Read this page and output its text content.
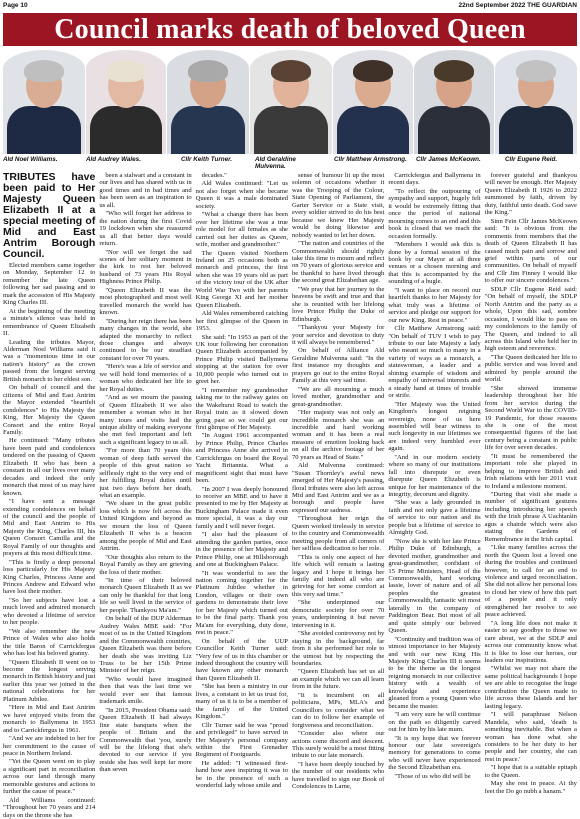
Page 10	22nd September 2022 THE GUARDIAN
Council marks death of beloved Queen
Ald Noel Williams.	Ald Audrey Wales.	Cllr Keith Turner.	Ald Geraldine Mulvenna.
Cllr Matthew Armstrong.	Cllr James McKeown.	Cllr Eugene Reid.

TRIBUTES have been paid to Her Majesty Queen Elizabeth II at a special meeting of Mid and East Antrim Borough Council.

Elected members came together on Monday, September 12 to remember the late Queen following her sad passing and to mark the accession of His Majesty King Charles III.

At the beginning of the meeting a minute's silence was held in remembrance of Queen Elizabeth II.

Leading the tributes Mayor, Alderman Noel Williams said it was a "momentous time in our nation's history" as the crown passed from the longest serving British monarch to her eldest son.

On behalf of council and the citizens of Mid and East Antrim the Mayor extended "heartfelt condolences" to His Majesty the King, Her Majesty the Queen Consort and the entire Royal Family.

He continued: "Many tributes have been paid and condolences tendered on the passing of Queen Elizabeth II who has been a constant in all our lives over many decades and indeed the only monarch that most of us may have known.

"I have sent a message extending condolences on behalf of the council and the people of Mid and East Antrim to His Majesty the King, Charles III, his Queen Consort Camilla and the Royal Family of our thoughts and prayers at this most difficult time.

"This is firstly a deep personal loss particularly for His Majesty King Charles, Princess Anne and Princes Andrew and Edward who have lost their mother.

"So her subjects have lost a much loved and admired monarch who devoted a lifetime of service to her people.

"We also remember the new Prince of Wales who also holds the title Baron of Carrickfergus who has lost his beloved granny.

"Queen Elizabeth II went on to become the longest serving monarch in British history and just earlier this year we joined in the national celebrations for her Platinum Jubilee.

"Here in Mid and East Antrim we have enjoyed visits from the monarch to Ballymena in 1953 and to Carrickfergus in 1961.

"And we are indebted to her for her commitment to the cause of peace in Northern Ireland.

"Yet the Queen went on to play a significant part in reconciliation across our land through many memorable gestures and actions to further the cause of peace."

Ald Williams continued: "Throughout her 70 years and 214 days on the throne she has

been a stalwart and a constant in our lives and has shared with us in good times and in bad times and has been seen as an inspiration to us all.

"Who will forget her address to the nation during the first Covid 19 lockdown when she reassured us all that better days would return.

"Nor will we forget the sad scenes of her solitary moment in the kirk to rest her beloved husband of 73 years His Royal Highness Prince Philip.

"Queen Elizabeth II was the most photographed and most well travelled monarch the world has known.

"During her reign there has been many changes in the world, she adapted the monarchy to reflect those changes and always continued to be our steadfast constant for over 70 years.

"Here's was a life of service and we will hold fond memories of a woman who dedicated her life to her Royal duties.

"And as we mourn the passing of Queen Elizabeth II we also remember a woman who in her many tours and visits had the unique ability of making everyone she met feel important and left such a significant legacy to us all.

"For more than 70 years this woman of deep faith served the people of this great nation so selflessly right to the very end of her fulfilling Royal duties until just two days before her death, what an example.

"We share in the great public loss which is now felt across the United Kingdom and beyond as we mourn the loss of Queen Elizabeth II who is a beacon among the people of Mid and East Antrim.

"Our thoughts also return to the Royal Family as they are grieving the loss of their mother.

"In time of their beloved monarch Queen Elizabeth II as we can only be thankful for that long life so well lived in the service of her people. Thankyou Ma'am."

On behalf of the DUP Alderman Audrey Wales MBE said: "For most of us in the United Kingdom and the Commonwealth countries, Queen Elizabeth was there before her death she was inviting Liz Truss to be her 15th Prime Minister of her reign.

"Who would have imagined then that was the last time we would ever see that famous trademark smile.

"In 2015, President Obama said: Queen Elizabeth II had always fine state banquets when the people of Britain and the Commonwealth that 'you, surely will be the lifelong that she's devoted to our service if you reside she has well kept far more than seven

decades."

Ald Wales continued: "Let us not also forget when she became Queen it was a male dominated society.

"What a change there has been over her lifetime she was a true role model for all females as she carried out her duties as Queen, wife, mother and grandmother."

The Queen visited Northern Ireland on 25 occasions both as monarch and princess, the first when she was 19 years old as part of the victory tour of the UK after World War Two with her parents King George XI and her mother Queen Elizabeth.

Ald Wales remembered catching her first glimpse of the Queen in 1953.

She said: "In 1953 as part of the UK tour following her coronation Queen Elizabeth accompanied by Prince Philip visited Ballymena stopping at the station for over 10,000 people who turned out to greet her.

"I remember my grandmother taking me to the railway gates on the Wakehurst Road to watch the Royal train as it slowed down going past so we could get our first glimpse of Her Majesty.

"In August 1961 accompanied by Prince Philip, Prince Charles and Princess Anne she arrived in Carrickfergus on board the Royal Yacht Britannia. What a magnificent sight that must have been.

"In 2007 I was deeply honoured to receive an MBE and to have it presented to me by Her Majesty at Buckingham Palace made it even more special, it was a day our family and I will never forget.

"I also had the pleasure of attending the garden parties, once in the presence of her Majesty and Prince Philip, one at Hillsborough and one at Buckingham Palace.

"It was wonderful to see the nation coming together for the Platinum Jubilee whether in London, villages or their own gardens to demonstrate their love for her Majesty which turned out to be the final party. Thank you Ma'am for everything, duty done, rest in peace."

On behalf of the UUP Councillor Keith Turner said: "Very few of us in this chamber or indeed throughout the country will have known any other monarch than Queen Elizabeth II.

"She has been a ministry in our lives, a constant to let us trust for, many of us it is to be a member of the family of the United Kingdom."

Cllr Turner said he was "proud and privileged" to have served in Her Majesty's personal company within the First Grenadier Regiment of Footguards.

He added: "I witnessed first-hand how awe inspiring it was to be in the presence of such a wonderful lady whose smile and

sense of humour lit up the most solemn of occasions whether it was the Trooping of the Colour, State Opening of Parliament, the Garter Service or a State visit, every soldier strived to do his best because we knew Her Majesty would be doing likewise and nobody wanted to let her down.

"The nation and countries of the Commonwealth should rightly take this time to mourn and reflect on 70 years of glorious service and be thankful to have lived through the second great Elizabethan age.

"We pray that her journey to the heavens be swift and true and that she is reunited with her lifelong love Prince Philip the Duke of Edinburgh.

"Thankyou your Majesty for your service and devotion to duty it will always be remembered."

On behalf of Alliance Ald Geraldine Mulvenna said: "In the first instance my thoughts and prayers go out to the entire Royal Family at this very sad time.

"We are all mourning a much loved mother, grandmother and great-grandmother.

"Her majesty was not only an incredible monarch she was an incredible and hard working woman and it has been a real measure of emotion looking back on all the archive footage of her 70 years as Head of State."

Ald Mulvenna continued: "Susan Thornley's awful news emerged of Her Majesty's passing, floral tributes were also left across Mid and East Antrim and we as a borough and people have expressed our sadness.

"Throughout her reign the Queen worked tirelessly in service to the country and Commonwealth meeting people from all corners of her selfless dedication to her role.

"This is only one aspect of her life which will remain a lasting legacy and I hope it brings her family and indeed all who are grieving for her some comfort at this very sad time."

"She underpinned our democratic society for over 70 years, underpinning it but never intervening in it.

"She avoided controversy not by staying in the background, far from it she performed her role to the utmost but by respecting the boundaries.

"Queen Elizabeth has set us all an example which we can all learn from in the future.

"It is incumbent on all politicians, MPs, MLA's and Councillors to consider what we can do to follow her example of forgiveness and reconciliation.

"Consider also where our actions come discord and descent. This surely would be a most fitting tribute to our late monarch.

"I have been deeply touched by the number of our residents who have travelled to sign our Book of Condolences in Larne,

Carrickfergus and Ballymena in recent days.

"To reflect the outpouring of sympathy and support, hugely felt it would be extremely fitting that once the period of national mourning comes to an end and this book is closed that we reach the occasion formally.

"Members I would ask this is done by a formal session of the book by our Mayor at all three venues or a chosen morning and that this is accompanied by the sounding of a bugle.

"I want to place on record our heartfelt thanks to her Majesty for what truly was a lifetime of service and pledge our support for our new King. Rest in peace."

Cllr Matthew Armstrong said: "On behalf of TUV I wish to pay tribute to our late Majesty a lady who meant so much to many in a variety of ways as a monarch, a stateswoman, a leader and a shining example of wisdom and empathy of universal interests and a steady hand at times of trouble or strife.

"Her Majesty was the United Kingdom's longest reigning sovereign, none of us here assembled will bear witness to such longevity in our lifetimes we are indeed very humbled ever again.

"And in our modern society where so many of our institutions fall into disrepute or even disrepute Queen Elizabeth is unique for her maintenance of the integrity, decorum and dignity.

"She was a lady grounded in faith and not only gave a lifetime of service to our nation and its people but a lifetime of service to Almighty God.

"Now she is with her late Prince Philip Duke of Edinburgh, a devoted mother, grandmother and great-grandmother, confidant of 15 Prime Ministers, Head of the Commonwealth, hard working lassie, lover of nature and of all peoples the greatest Commonwealth, fantastic wit most laterally in the company of Paddington Bear. But most of all and quite simply our beloved Queen.

"Continuity and tradition was of utmost importance to her Majesty and with our new King His Majesty King Charles III it seems to be the theme as the longest reigning monarch in our collective history with a wealth of knowledge and experience gleaned from a young Queen who became the master.

"I am very sure he will continue on the path so diligently carved out for him by his late mum.

"It is my hope that we forever honour our late sovereign's memory for generations to come who will never have experienced the Second Elizabethan era.

"Those of us who did will be

forever grateful and thankyou will never be enough. Her Majesty Queen Elizabeth II 1926 to 2022 summoned by faith, driven by duty, faithful unto death. God save the King."

Sinn Fein Cllr James McKeown said: "It is obvious from the comments from members that the death of Queen Elizabeth II has caused much pain and sorrow and grief within parts of our communities. On behalf of myself and Cllr Jim Finney I would like to offer our sincere condolences."

SDLP Cllr Eugene Reid said: "On behalf of myself, the SDLP North Antrim and the party as a whole, Upon this sad, sombre occasion, I would like to pass on my condolences to the family of The Queen, and indeed to all across this Island who held her in high esteem and reverence.

"The Queen dedicated her life to public service and was loved and admired by people around the world.

"She showed immense leadership throughout her life from her service during the Second World War to the COVID-19 Pandemic, for those reasons she is one of the most consequential figures of the last century being a constant in public life for over seven decades.

"It must be remembered the important role she played in helping to improve British and Irish relations with her 2011 visit to Ireland a milestone moment.

"During that visit she made a number of significant gestures including introducing her speech with the Irish phrase A Uachtaráin agus a chairde which were also stating the Gardens of Remembrance in the Irish capital.

"Like many families across the north the Queen lost a loved one during the troubles and continued however, to call for an end to violence and urged reconciliation. She did not allow her personal loss to cloud her view of how this part of a people and it only strengthened her resolve to see peace achieved.

"A long life does not make it easier to say goodbye to those we care about, we at the SDLP and across our community know what it is like to lose our heroes, our leaders our inspirations.

"Whilst we may not share the same political backgrounds I hope we are able to recognise the huge contribution the Queen made to life across these Islands and her lasting legacy.

"I will paraphrase Nelson Mandela, who said, 'death is something inevitable. But when a woman has done what she considers to be her duty to her people and her country, she can rest in peace.'

"I hope that is a suitable epitaph to the Queen.

May she rest in peace. At thy feet the Do go nubh a hanam."
